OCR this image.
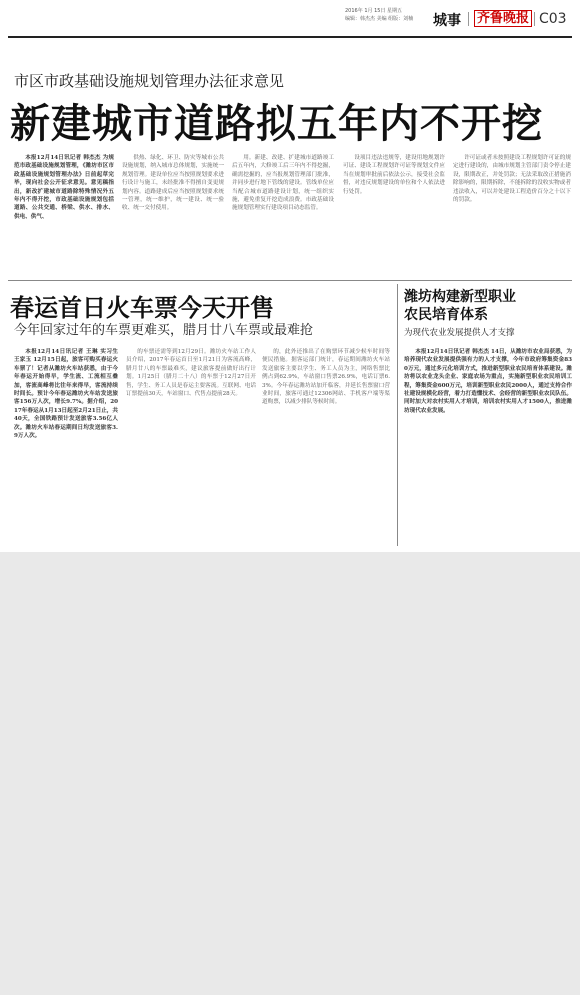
2016年 1月 15日 星期五
编辑：韩杰杰 美编 组版：刘楠 城事 齐鲁晚报 C03
市区市政基础设施规划管理办法征求意见
新建城市道路拟五年内不开挖

本报12月14日讯记者 韩杰杰 为规范市政基础设施规划管理，《潍坊市区市政基础设施规划管理办法》日前起草完毕，现向社会公开征求意见。意见稿指出，新改扩建城市道路除特殊情况外五年内不得开挖，市政基础设施规划包括道路、公共交通、桥梁、供水、排水、供电、供气、

供热、绿化、环卫、防灾等城市公共设施规划，纳入城市总体规划，实施统一规划管理。建设单位应当按照规划要求进行设计与施工，未经批准不得擅自变更规划内容。道路建成后应当按照规划要求统一管理，统一维护，统一建设、统一验收、统一交付使用。

用。新建、改建、扩建城市道路竣工后五年内，大修竣工后三年内不得挖掘，确需挖掘的，应当报规划管理部门批准，并同步进行地下管线的建设。管线单位应当配合城市道路建设计划，统一组织实施，避免重复开挖造成浪费。市政基础设施规划管理实行建设项目动态监管。

设项目违法违规等，建设用地规划许可证、建设工程规划许可证等规划文件应当在规划审批前后依法公示，接受社会监督，对违反规划建设的单位和个人依法进行处罚。

许可证或者未按照建设工程规划许可证的规定进行建设的，由城市规划主管部门责令停止建设，限期改正，并处罚款；无法采取改正措施消除影响的，限期拆除，不能拆除的没收实物或者违法收入，可以并处建设工程造价百分之十以下的罚款。

春运首日火车票今天开售
今年回家过年的车票更难买，腊月廿八车票或最难抢

本报12月14日讯记者 王琳 实习生 王家玉 12月15日起，旅客可购买春运火车票了！记者从潍坊火车站获悉，由于今年春运开始得早，学生流、工流相互叠加，客流高峰将比往年来得早，客流持续时间长。预计今年春运潍坊火车站发送旅客156万人次，增长9.7%。据介绍，2017年春运从1月13日起至2月21日止，共40天，全国铁路预计发送旅客3.56亿人次。潍坊火车站春运期间日均发送旅客3.9万人次。

的车票还需等到12月29日。潍坊火车站工作人员介绍，2017年春运首日至1月21日为客流高峰，腊月廿八的车票最难买，建议旅客提前做好出行计划。1月25日（腊月二十八）的车票于12月27日开售，学生、务工人员是春运主要客流。互联网、电话订票提前30天，车站窗口、代售点提前28天。

的，此外还推出了在购票环节减少候车时间等便民措施。据客运部门统计，春运期间潍坊火车站发送旅客主要以学生、务工人员为主，网络售票比例占到62.9%，车站窗口售票26.9%，电话订票6.3%。今年春运潍坊站加开临客，并延长售票窗口营业时间，旅客可通过12306网站、手机客户端等渠道购票，以减少排队等候时间。

潍坊构建新型职业
农民培育体系
为现代农业发展提供人才支撑

本报12月14日讯记者 韩杰杰 14日，从潍坊市农业局获悉，为培养现代农业发展提供强有力的人才支撑，今年市政府筹集资金830万元，通过多元化培训方式，推进新型职业农民培育体系建设。潍坊将以农业龙头企业、家庭农场为重点，实施新型职业农民培训工程，筹集资金600万元，培训新型职业农民2000人，通过支持合作社建设规模化经营，着力打造懂技术、会经营的新型职业农民队伍。同时加大对农村实用人才培训，培训农村实用人才1500人，推进潍坊现代农业发展。
